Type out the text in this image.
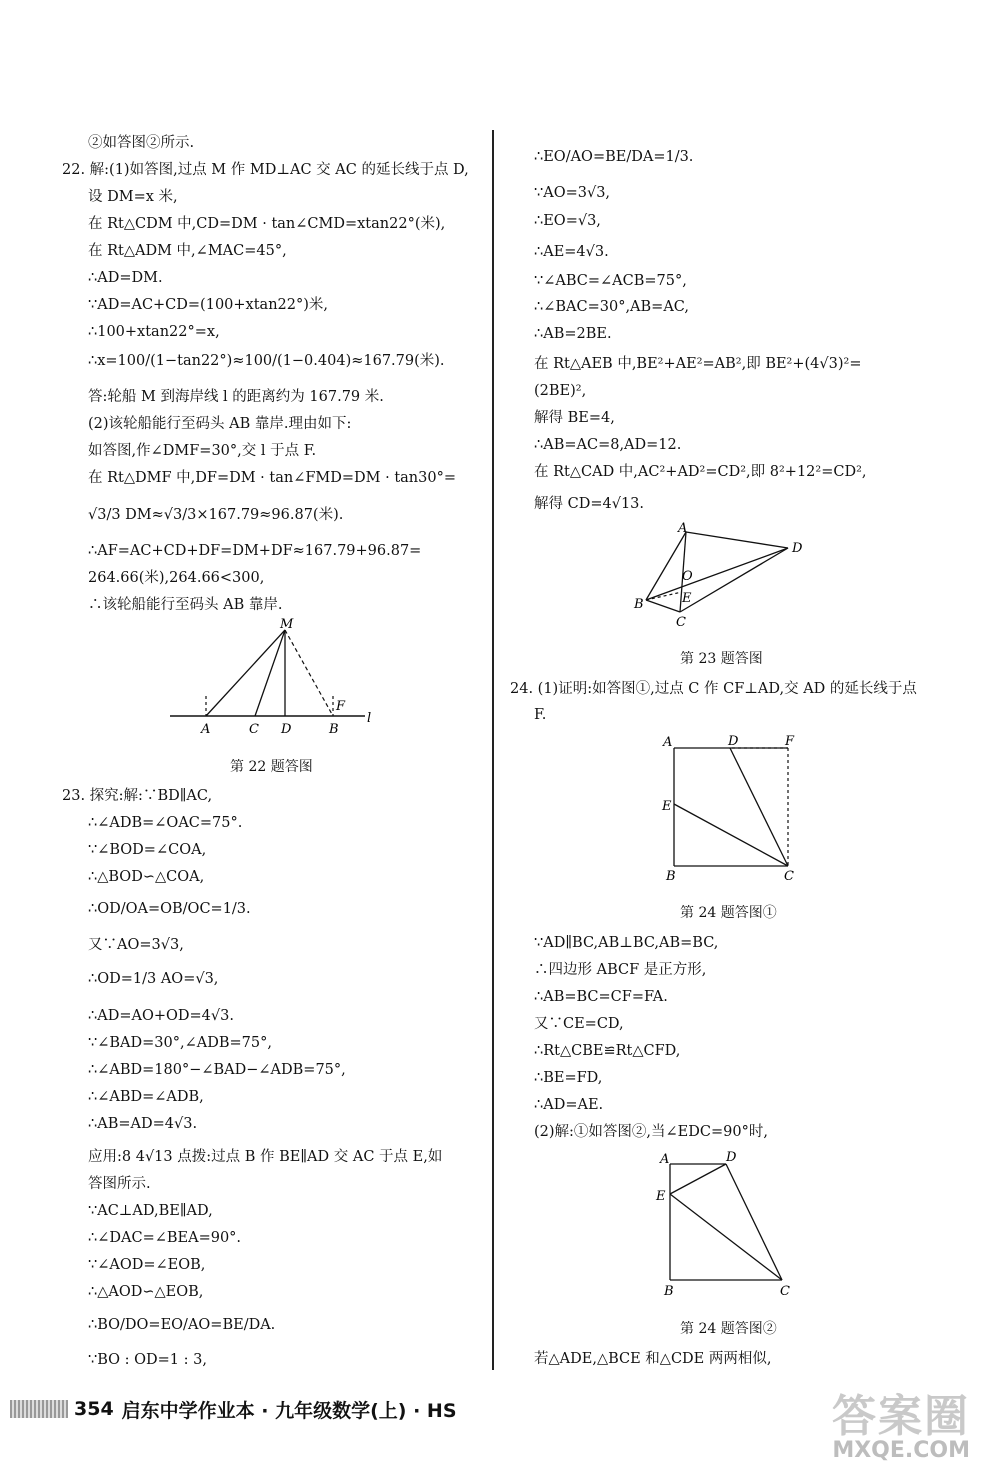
②如答图②所示.
22. 解:(1)如答图,过点 M 作 MD⊥AC 交 AC 的延长线于点 D,
设 DM=x 米,
在 Rt△CDM 中,CD=DM · tan∠CMD=xtan22°(米),
在 Rt△ADM 中,∠MAC=45°,
∴AD=DM.
∵AD=AC+CD=(100+xtan22°)米,
∴100+xtan22°=x,
∴x=100/(1−tan22°)≈100/(1−0.404)≈167.79(米).
答:轮船 M 到海岸线 l 的距离约为 167.79 米.
(2)该轮船能行至码头 AB 靠岸.理由如下:
如答图,作∠DMF=30°,交 l 于点 F.
在 Rt△DMF 中,DF=DM · tan∠FMD=DM · tan30°=
√3/3 DM≈√3/3×167.79≈96.87(米).
∴AF=AC+CD+DF=DM+DF≈167.79+96.87=
264.66(米),264.66<300,
∴该轮船能行至码头 AB 靠岸.
M
A	C D
F
B
l
第 22 题答图
23. 探究:解:∵BD∥AC,
∴∠ADB=∠OAC=75°.
∵∠BOD=∠COA,
∴△BOD∽△COA,
∴OD/OA=OB/OC=1/3.
又∵AO=3√3,
∴OD=1/3 AO=√3,
∴AD=AO+OD=4√3.
∵∠BAD=30°,∠ADB=75°,
∴∠ABD=180°−∠BAD−∠ADB=75°,
∴∠ABD=∠ADB,
∴AB=AD=4√3.
应用:8 4√13 点拨:过点 B 作 BE∥AD 交 AC 于点 E,如
答图所示.
∵AC⊥AD,BE∥AD,
∴∠DAC=∠BEA=90°.
∵∠AOD=∠EOB,
∴△AOD∽△EOB,
∴BO/DO=EO/AO=BE/DA.
∵BO : OD=1 : 3,
∴EO/AO=BE/DA=1/3.
∵AO=3√3,
∴EO=√3,
∴AE=4√3.
∵∠ABC=∠ACB=75°,
∴∠BAC=30°,AB=AC,
∴AB=2BE.
在 Rt△AEB 中,BE²+AE²=AB²,即 BE²+(4√3)²=
(2BE)²,
解得 BE=4,
∴AB=AC=8,AD=12.
在 Rt△CAD 中,AC²+AD²=CD²,即 8²+12²=CD²,
解得 CD=4√13.
A
D
O
E
B
C
第 23 题答图
24. (1)证明:如答图①,过点 C 作 CF⊥AD,交 AD 的延长线于点
F.
A	D	F
E
B	C
第 24 题答图①
∵AD∥BC,AB⊥BC,AB=BC,
∴四边形 ABCF 是正方形,
∴AB=BC=CF=FA.
又∵CE=CD,
∴Rt△CBE≌Rt△CFD,
∴BE=FD,
∴AD=AE.
(2)解:①如答图②,当∠EDC=90°时,
A	D
E
B	C
第 24 题答图②
若△ADE,△BCE 和△CDE 两两相似,
354 启东中学作业本 · 九年级数学(上) · HS	答案圈
MXQE.COM
